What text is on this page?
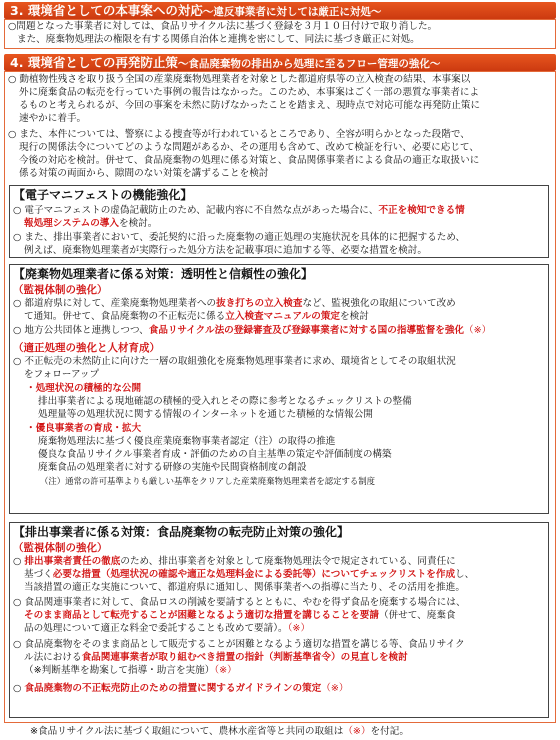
3. 環境省としての本事案への対応～違反事業者に対しては厳正に対処～
○問題となった事業者に対しては、食品リサイクル法に基づく登録を３月１０日付けで取り消した。
また、廃棄物処理法の権限を有する関係自治体と連携を密にして、同法に基づき厳正に対処。
4. 環境省としての再発防止策～食品廃棄物の排出から処理に至るフロー管理の強化～
○ 動植物性残さを取り扱う全国の産業廃棄物処理業者を対象とした都道府県等の立入検査の結果、本事案以
外に廃棄食品の転売を行っていた事例の報告はなかった。このため、本事案はごく一部の悪質な事業者によ
るものと考えられるが、今回の事案を未然に防げなかったことを踏まえ、現時点で対応可能な再発防止策に
速やかに着手。
○ また、本件については、警察による捜査等が行われているところであり、全容が明らかとなった段階で、
現行の関係法令についてどのような問題があるか、その運用も含めて、改めて検証を行い、必要に応じて、
今後の対応を検討。併せて、食品廃棄物の処理に係る対策と、食品関係事業者による食品の適正な取扱いに
係る対策の両面から、隙間のない対策を講ずることを検討
【電子マニフェストの機能強化】
○ 電子マニフェストの虚偽記載防止のため、記載内容に不自然な点があった場合に、不正を検知できる情
報処理システムの導入を検討。
○ また、排出事業者において、委託契約に沿った廃棄物の適正処理の実施状況を具体的に把握するため、
例えば、廃棄物処理業者が実際行った処分方法を記載事項に追加する等、必要な措置を検討。
【廃棄物処理業者に係る対策：透明性と信頼性の強化】
（監視体制の強化）
○ 都道府県に対して、産業廃棄物処理業者への抜き打ちの立入検査など、監視強化の取組について改め
て通知。併せて、食品廃棄物の不正転売に係る立入検査マニュアルの策定を検討
○ 地方公共団体と連携しつつ、食品リサイクル法の登録審査及び登録事業者に対する国の指導監督を強化（※）
（適正処理の強化と人材育成）
○ 不正転売の未然防止に向けた一層の取組強化を廃棄物処理事業者に求め、環境省としてその取組状況
をフォローアップ
・処理状況の積極的な公開
排出事業者による現地確認の積極的受入れとその際に参考となるチェックリストの整備
処理量等の処理状況に関する情報のインターネットを通じた積極的な情報公開
・優良事業者の育成・拡大
廃棄物処理法に基づく優良産業廃棄物事業者認定（注）の取得の推進
優良な食品リサイクル事業者育成・評価のための自主基準の策定や評価制度の構築
廃棄食品の処理業者に対する研修の実施や民間資格制度の創設
（注）通常の許可基準よりも厳しい基準をクリアした産業廃棄物処理業者を認定する制度
【排出事業者に係る対策：食品廃棄物の転売防止対策の強化】
（監視体制の強化）
○ 排出事業者責任の徹底のため、排出事業者を対象として廃棄物処理法令で規定されている、同責任に
基づく必要な措置（処理状況の確認や適正な処理料金による委託等）についてチェックリストを作成し、
当該措置の適正な実施について、都道府県に通知し、関係事業者への指導に当たり、その活用を推進。
○ 食品関連事業者に対して、食品ロスの削減を要請するとともに、やむを得ず食品を廃棄する場合には、
そのまま商品として転売することが困難となるよう適切な措置を講じることを要請（併せて、廃棄食
品の処理について適正な料金で委託することも改めて要請）。（※）
○ 食品廃棄物をそのまま商品として販売することが困難となるよう適切な措置を講じる等、食品リサイク
ル法における食品関連事業者が取り組むべき措置の指針（判断基準省令）の見直しを検討
（※判断基準を勘案して指導・助言を実施）（※）
○ 食品廃棄物の不正転売防止のための措置に関するガイドラインの策定（※）
※食品リサイクル法に基づく取組について、農林水産省等と共同の取組は（※）を付記。
